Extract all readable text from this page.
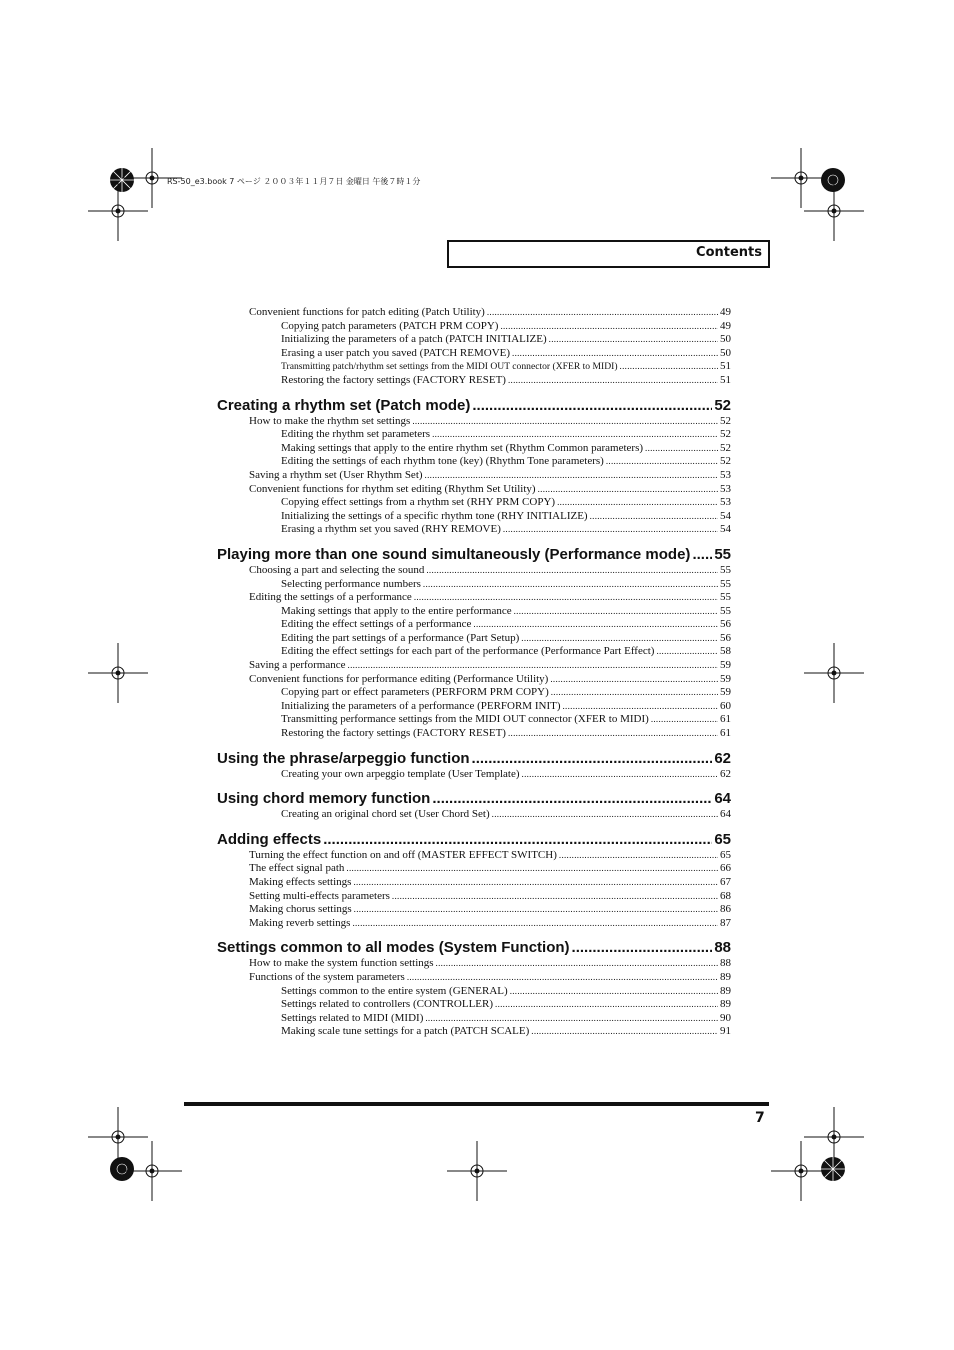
RS-50_e3.book 7 ページ ２００３年１１月７日 金曜日 午後７時１分
Contents
Convenient functions for patch editing (Patch Utility) .....	49
Copying patch parameters (PATCH PRM COPY) .....	49
Initializing the parameters of a patch (PATCH INITIALIZE) .....	50
Erasing a user patch you saved (PATCH REMOVE) .....	50
Transmitting patch/rhythm set settings from the MIDI OUT connector (XFER to MIDI) .....	51
Restoring the factory settings (FACTORY RESET) .....	51
Creating a rhythm set (Patch mode) .....	52
How to make the rhythm set settings .....	52
Editing the rhythm set parameters .....	52
Making settings that apply to the entire rhythm set (Rhythm Common parameters) .....	52
Editing the settings of each rhythm tone (key) (Rhythm Tone parameters) .....	52
Saving a rhythm set (User Rhythm Set) .....	53
Convenient functions for rhythm set editing (Rhythm Set Utility) .....	53
Copying effect settings from a rhythm set (RHY PRM COPY) .....	53
Initializing the settings of a specific rhythm tone (RHY INITIALIZE) .....	54
Erasing a rhythm set you saved (RHY REMOVE) .....	54
Playing more than one sound simultaneously (Performance mode) ..... 55
Choosing a part and selecting the sound .....	55
Selecting performance numbers .....	55
Editing the settings of a performance .....	55
Making settings that apply to the entire performance .....	55
Editing the effect settings of a performance .....	56
Editing the part settings of a performance (Part Setup) .....	56
Editing the effect settings for each part of the performance (Performance Part Effect) .....	58
Saving a performance .....	59
Convenient functions for performance editing (Performance Utility) .....	59
Copying part or effect parameters (PERFORM PRM COPY) .....	59
Initializing the parameters of a performance (PERFORM INIT) .....	60
Transmitting performance settings from the MIDI OUT connector (XFER to MIDI) .....	61
Restoring the factory settings (FACTORY RESET) .....	61
Using the phrase/arpeggio function .....	62
Creating your own arpeggio template (User Template) .....	62
Using chord memory function .....	64
Creating an original chord set (User Chord Set) .....	64
Adding effects .....	65
Turning the effect function on and off (MASTER EFFECT SWITCH) .....	65
The effect signal path .....	66
Making effects settings .....	67
Setting multi-effects parameters .....	68
Making chorus settings .....	86
Making reverb settings .....	87
Settings common to all modes (System Function) .....	88
How to make the system function settings .....	88
Functions of the system parameters .....	89
Settings common to the entire system (GENERAL) .....	89
Settings related to controllers (CONTROLLER) .....	89
Settings related to MIDI (MIDI) .....	90
Making scale tune settings for a patch (PATCH SCALE) .....	91
7
